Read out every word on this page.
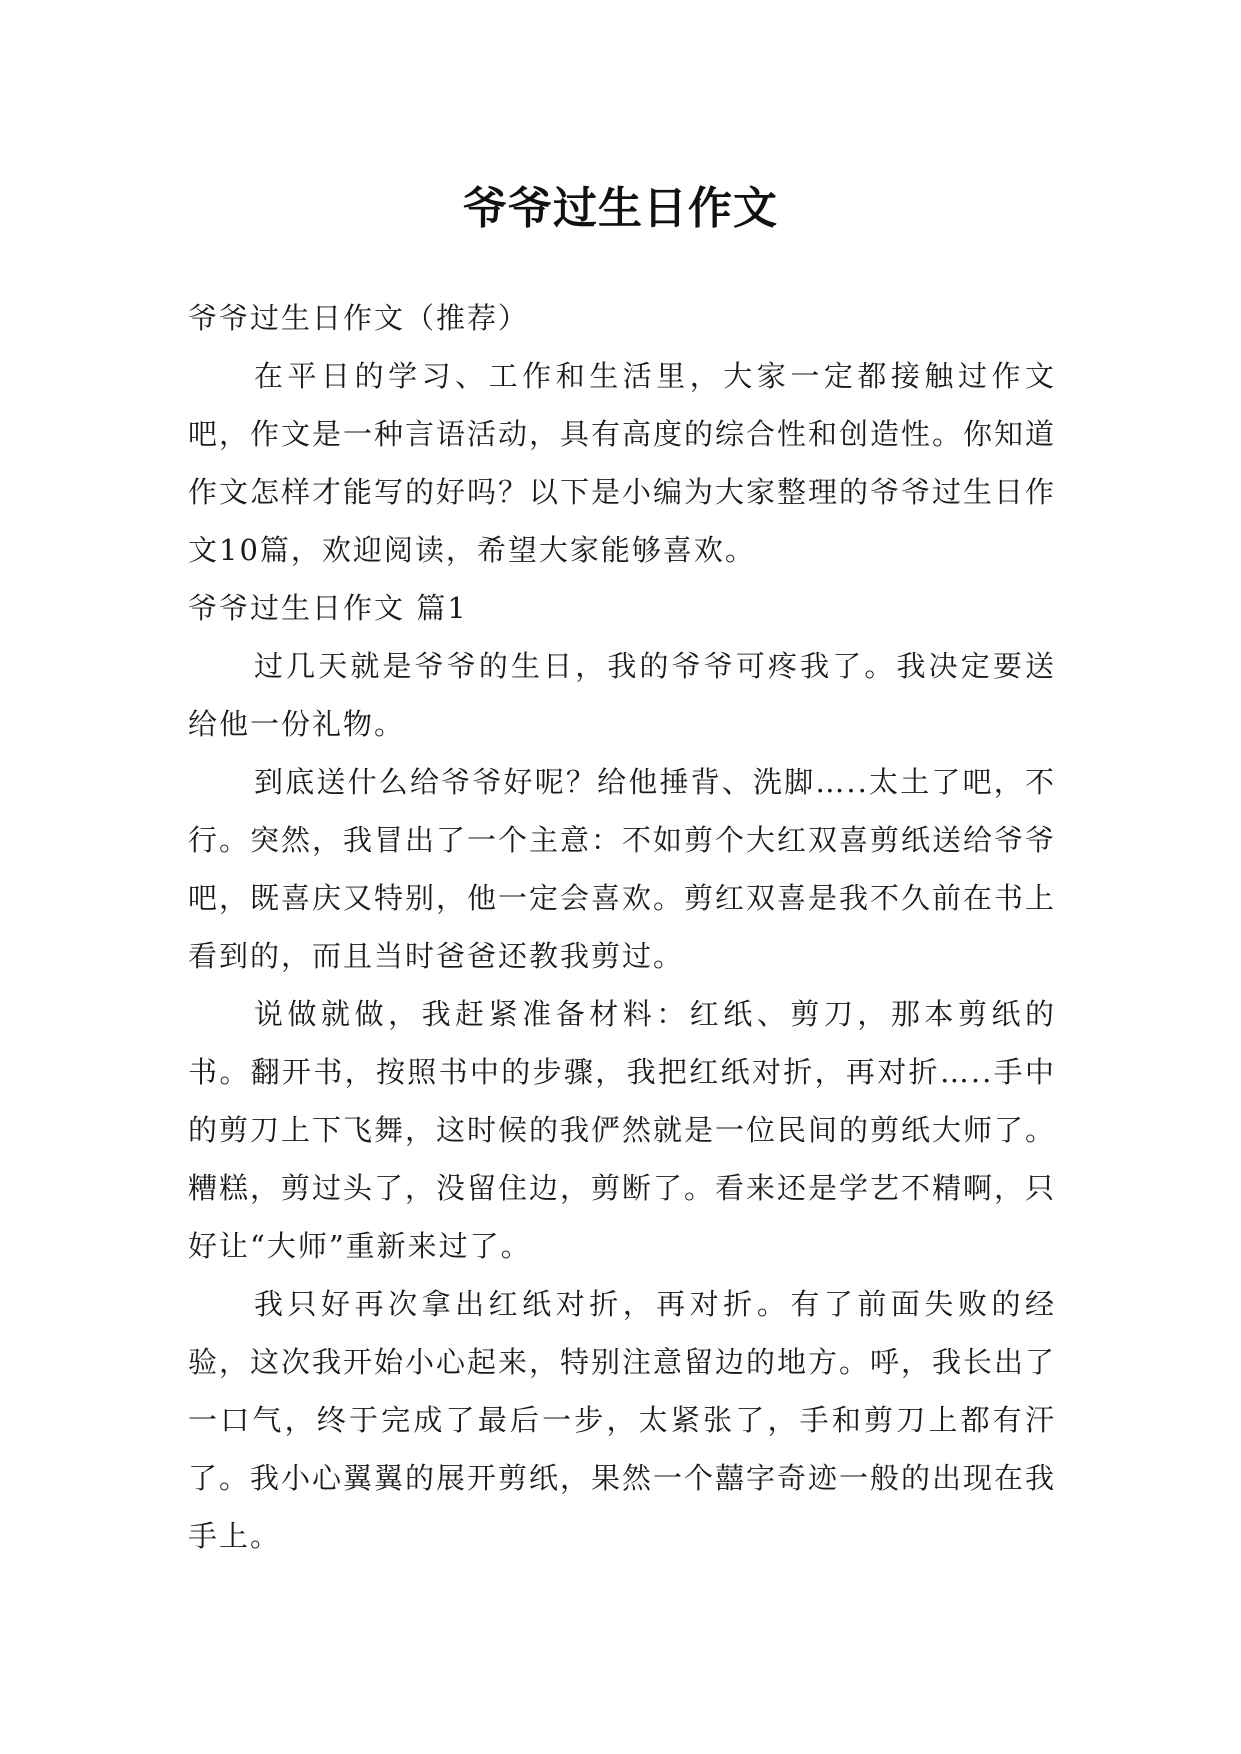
爷爷过生日作文

爷爷过生日作文（推荐）

在平日的学习、工作和生活里，大家一定都接触过作文吧，作文是一种言语活动，具有高度的综合性和创造性。你知道作文怎样才能写的好吗？以下是小编为大家整理的爷爷过生日作文10篇，欢迎阅读，希望大家能够喜欢。

爷爷过生日作文 篇1

过几天就是爷爷的生日，我的爷爷可疼我了。我决定要送给他一份礼物。

到底送什么给爷爷好呢？给他捶背、洗脚…..太土了吧，不行。突然，我冒出了一个主意：不如剪个大红双喜剪纸送给爷爷吧，既喜庆又特别，他一定会喜欢。剪红双喜是我不久前在书上看到的，而且当时爸爸还教我剪过。

说做就做，我赶紧准备材料：红纸、剪刀，那本剪纸的书。翻开书，按照书中的步骤，我把红纸对折，再对折…..手中的剪刀上下飞舞，这时候的我俨然就是一位民间的剪纸大师了。糟糕，剪过头了，没留住边，剪断了。看来还是学艺不精啊，只好让“大师”重新来过了。

我只好再次拿出红纸对折，再对折。有了前面失败的经验，这次我开始小心起来，特别注意留边的地方。呼，我长出了一口气，终于完成了最后一步，太紧张了，手和剪刀上都有汗了。我小心翼翼的展开剪纸，果然一个囍字奇迹一般的出现在我手上。
